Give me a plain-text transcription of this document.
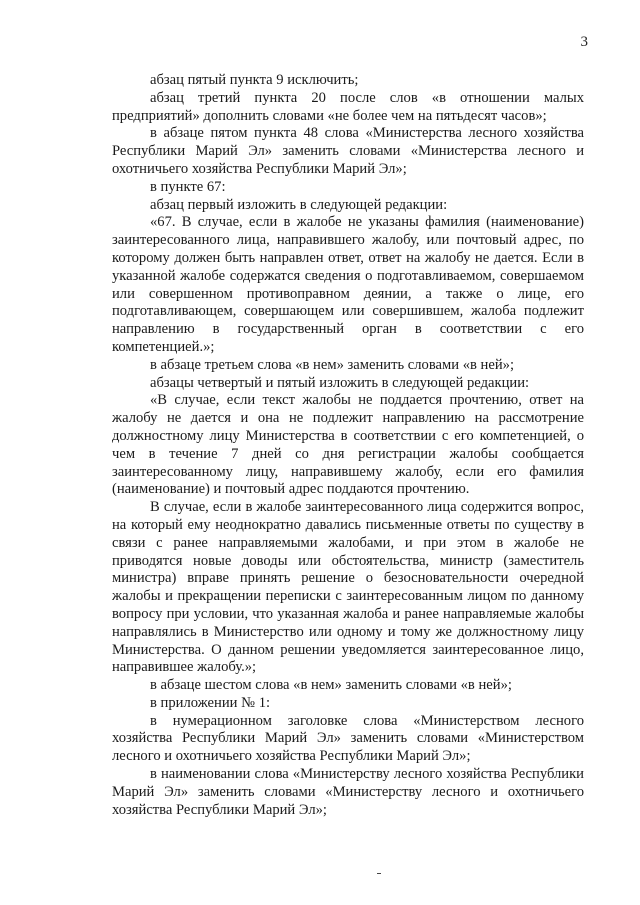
3

абзац пятый пункта 9 исключить;

абзац третий пункта 20 после слов «в отношении малых предприятий» дополнить словами «не более чем на пятьдесят часов»;

в абзаце пятом пункта 48 слова «Министерства лесного хозяйства Республики Марий Эл» заменить словами «Министерства лесного и охотничьего хозяйства Республики Марий Эл»;

в пункте 67:

абзац первый изложить в следующей редакции:

«67. В случае, если в жалобе не указаны фамилия (наименование) заинтересованного лица, направившего жалобу, или почтовый адрес, по которому должен быть направлен ответ, ответ на жалобу не дается. Если в указанной жалобе содержатся сведения о подготавливаемом, совершаемом или совершенном противоправном деянии, а также о лице, его подготавливающем, совершающем или совершившем, жалоба подлежит направлению в государственный орган в соответствии с его компетенцией.»;

в абзаце третьем слова «в нем» заменить словами «в ней»;

абзацы четвертый и пятый изложить в следующей редакции:

«В случае, если текст жалобы не поддается прочтению, ответ на жалобу не дается и она не подлежит направлению на рассмотрение должностному лицу Министерства в соответствии с его компетенцией, о чем в течение 7 дней со дня регистрации жалобы сообщается заинтересованному лицу, направившему жалобу, если его фамилия (наименование) и почтовый адрес поддаются прочтению.

В случае, если в жалобе заинтересованного лица содержится вопрос, на который ему неоднократно давались письменные ответы по существу в связи с ранее направляемыми жалобами, и при этом в жалобе не приводятся новые доводы или обстоятельства, министр (заместитель министра) вправе принять решение о безосновательности очередной жалобы и прекращении переписки с заинтересованным лицом по данному вопросу при условии, что указанная жалоба и ранее направляемые жалобы направлялись в Министерство или одному и тому же должностному лицу Министерства. О данном решении уведомляется заинтересованное лицо, направившее жалобу.»;

в абзаце шестом слова «в нем» заменить словами «в ней»;

в приложении № 1:

в нумерационном заголовке слова «Министерством лесного хозяйства Республики Марий Эл» заменить словами «Министерством лесного и охотничьего хозяйства Республики Марий Эл»;

в наименовании слова «Министерству лесного хозяйства Республики Марий Эл» заменить словами «Министерству лесного и охотничьего хозяйства Республики Марий Эл»;
